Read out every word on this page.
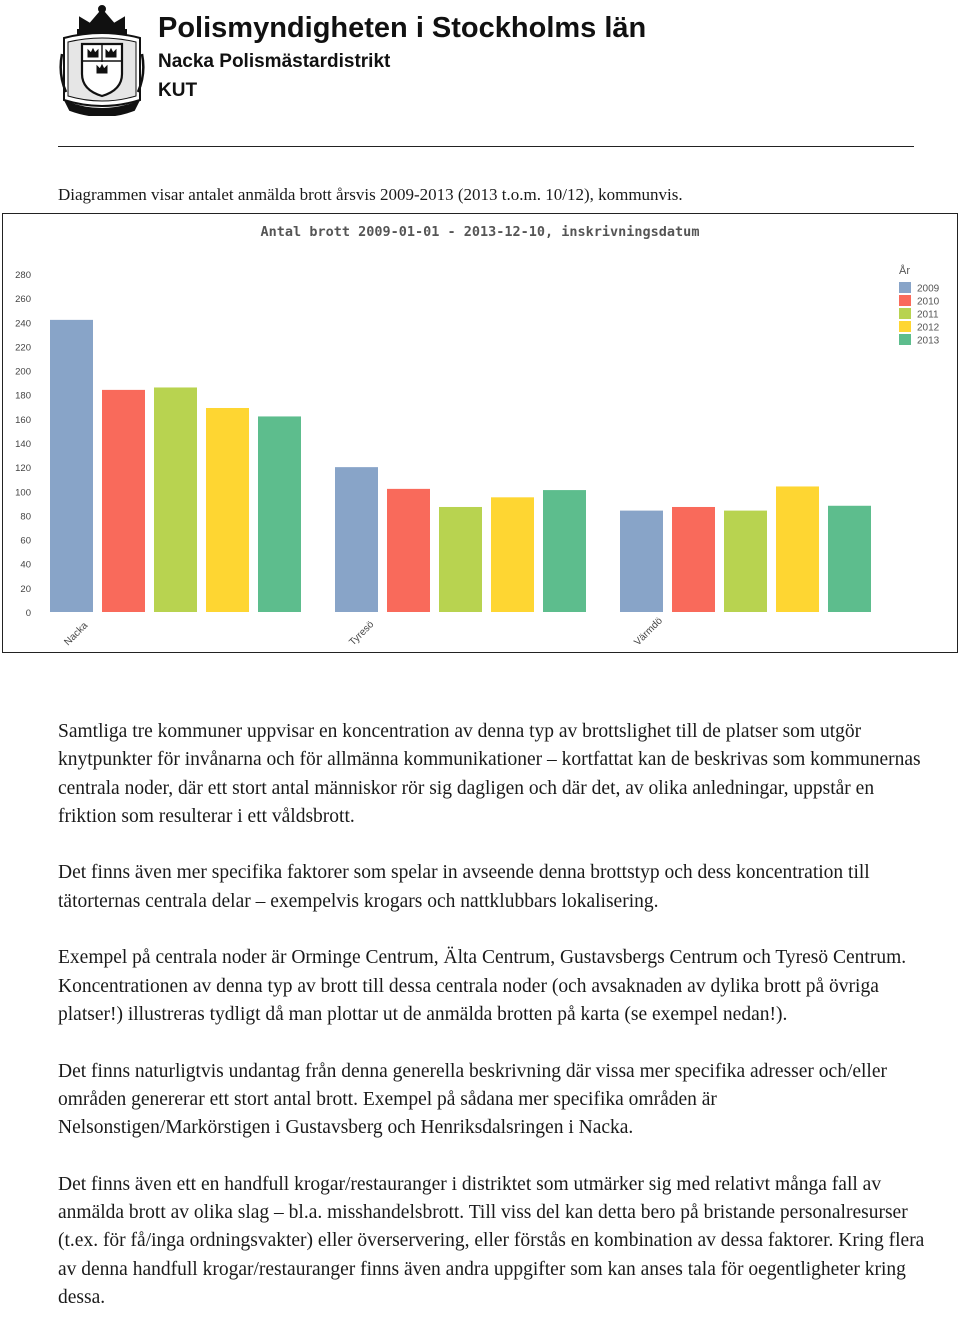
Polismyndigheten i Stockholms län
Nacka Polismästardistrikt
KUT

Diagrammen visar antalet anmälda brott årsvis 2009-2013 (2013 t.o.m. 10/12), kommunvis.

Antal brott 2009-01-01 - 2013-12-10, inskrivningsdatum
0
20
40
60
80
100
120
140
160
180
200
220
240
260
280
Nacka	Tyresö	Värmdö
År
2009
2010
2011
2012
2013

Samtliga tre kommuner uppvisar en koncentration av denna typ av brottslighet till de platser som utgör knytpunkter för invånarna och för allmänna kommunikationer – kortfattat kan de beskrivas som kommunernas centrala noder, där ett stort antal människor rör sig dagligen och där det, av olika anledningar, uppstår en friktion som resulterar i ett våldsbrott.

Det finns även mer specifika faktorer som spelar in avseende denna brottstyp och dess koncentration till tätorternas centrala delar – exempelvis krogars och nattklubbars lokalisering.

Exempel på centrala noder är Orminge Centrum, Älta Centrum, Gustavsbergs Centrum och Tyresö Centrum. Koncentrationen av denna typ av brott till dessa centrala noder (och avsaknaden av dylika brott på övriga platser!) illustreras tydligt då man plottar ut de anmälda brotten på karta (se exempel nedan!).

Det finns naturligtvis undantag från denna generella beskrivning där vissa mer specifika adresser och/eller områden genererar ett stort antal brott. Exempel på sådana mer specifika områden är Nelsonstigen/Markörstigen i Gustavsberg och Henriksdalsringen i Nacka.

Det finns även ett en handfull krogar/restauranger i distriktet som utmärker sig med relativt många fall av anmälda brott av olika slag – bl.a. misshandelsbrott. Till viss del kan detta bero på bristande personalresurser (t.ex. för få/inga ordningsvakter) eller överservering, eller förstås en kombination av dessa faktorer. Kring flera av denna handfull krogar/restauranger finns även andra uppgifter som kan anses tala för oegentligheter kring dessa.
